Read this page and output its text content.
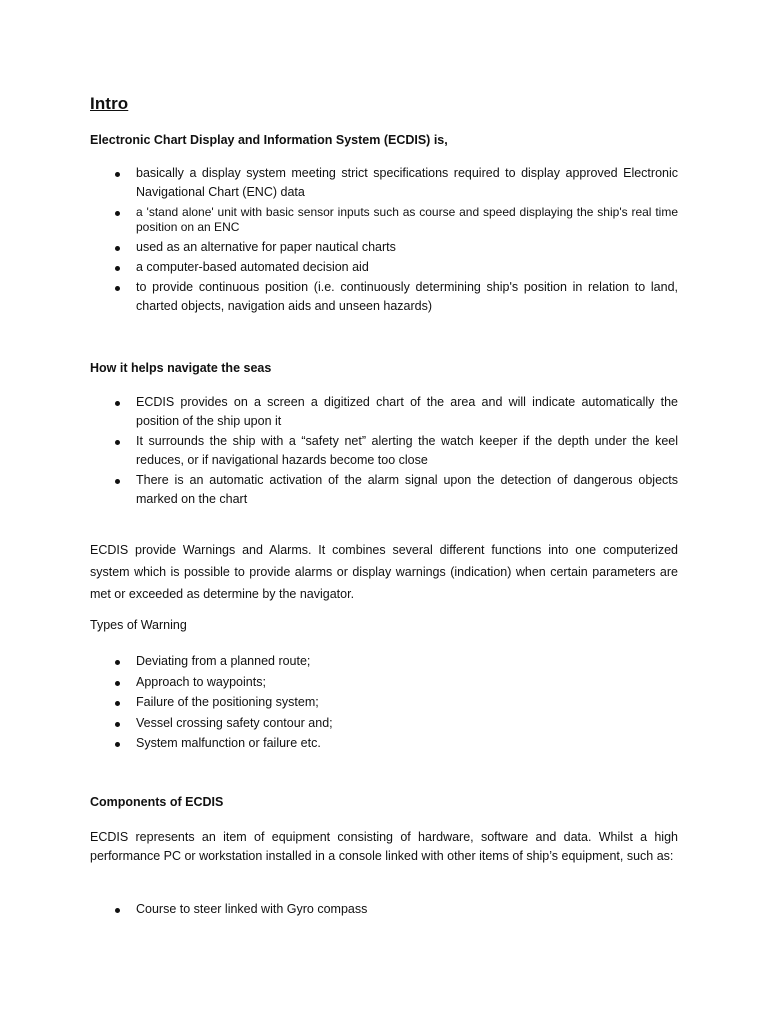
Intro

Electronic Chart Display and Information System (ECDIS) is,

basically a display system meeting strict specifications required to display approved Electronic Navigational Chart (ENC) data
a 'stand alone' unit with basic sensor inputs such as course and speed displaying the ship's real time position on an ENC
used as an alternative for paper nautical charts
a computer-based automated decision aid
to provide continuous position (i.e. continuously determining ship's position in relation to land, charted objects, navigation aids and unseen hazards)

How it helps navigate the seas

ECDIS provides on a screen a digitized chart of the area and will indicate automatically the position of the ship upon it
It surrounds the ship with a “safety net” alerting the watch keeper if the depth under the keel reduces, or if navigational hazards become too close
There is an automatic activation of the alarm signal upon the detection of dangerous objects marked on the chart

ECDIS provide Warnings and Alarms. It combines several different functions into one computerized system which is possible to provide alarms or display warnings (indication) when certain parameters are met or exceeded as determine by the navigator.

Types of Warning

Deviating from a planned route;
Approach to waypoints;
Failure of the positioning system;
Vessel crossing safety contour and;
System malfunction or failure etc.

Components of ECDIS

ECDIS represents an item of equipment consisting of hardware, software and data. Whilst a high performance PC or workstation installed in a console linked with other items of ship’s equipment, such as:

Course to steer linked with Gyro compass
